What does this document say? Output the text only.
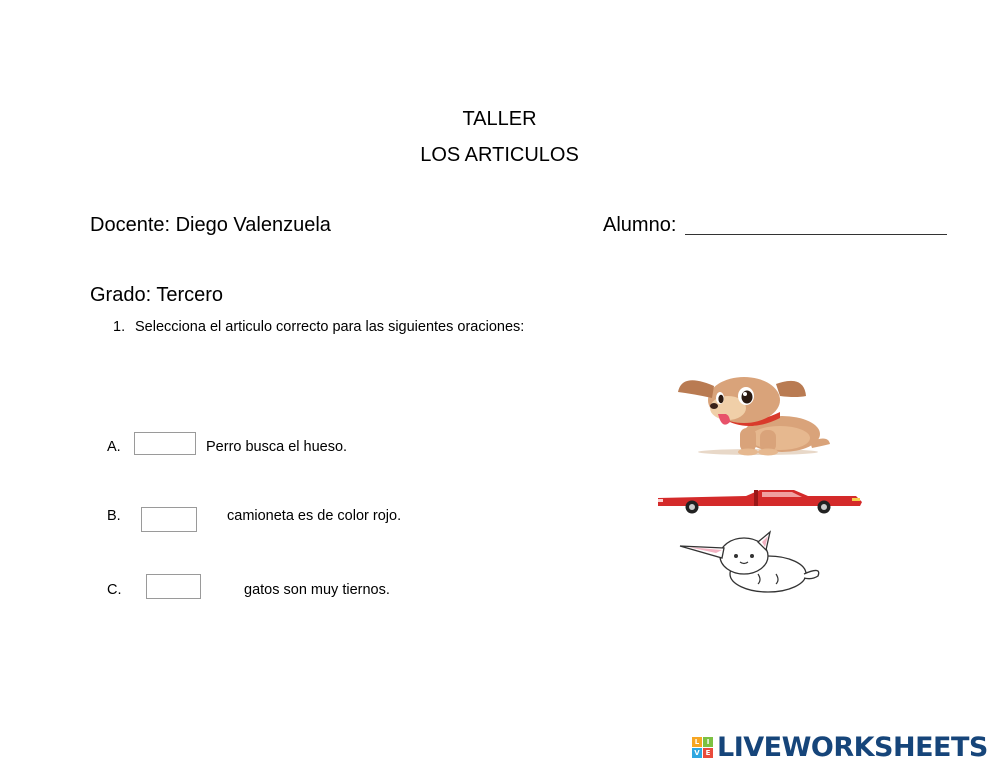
TALLER
LOS ARTICULOS
Docente: Diego Valenzuela	Alumno:
Grado: Tercero
1. Selecciona el articulo correcto para las siguientes oraciones:
A.	Perro busca el hueso.
B.	camioneta es de color rojo.
C.	gatos son muy tiernos.
L	I
V E LIVEWORKSHEETS
